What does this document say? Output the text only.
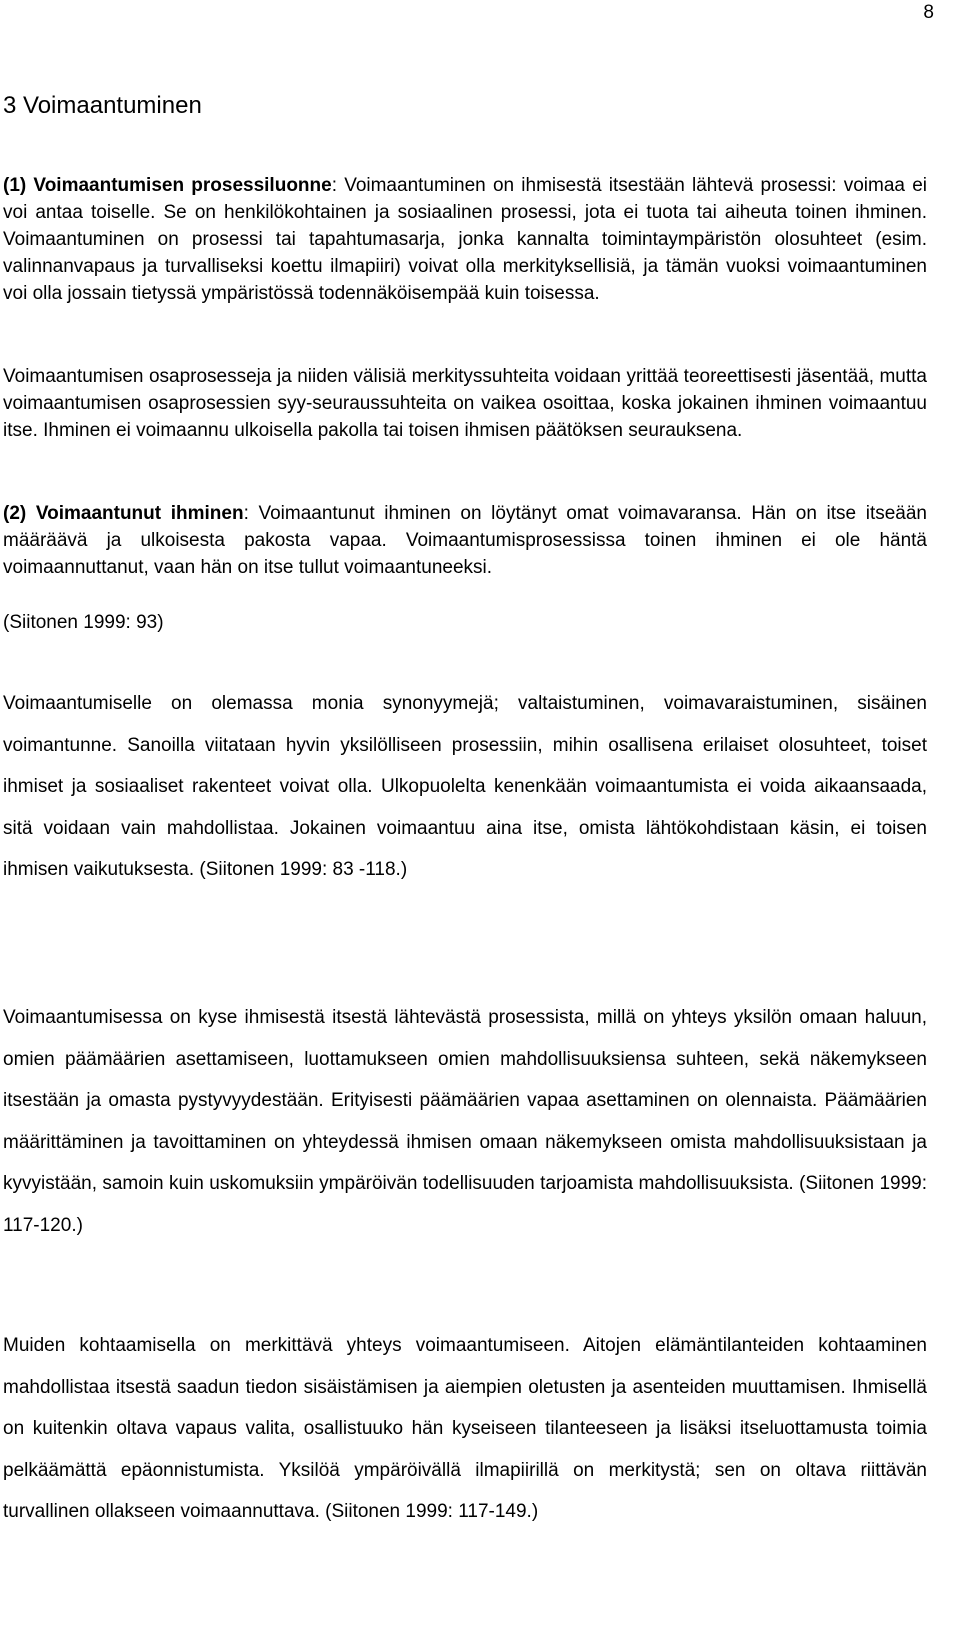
8
3 Voimaantuminen

(1) Voimaantumisen prosessiluonne: Voimaantuminen on ihmisestä itsestään lähtevä prosessi: voimaa ei voi antaa toiselle. Se on henkilökohtainen ja sosiaalinen prosessi, jota ei tuota tai aiheuta toinen ihminen. Voimaantuminen on prosessi tai tapahtumasarja, jonka kannalta toimintaympäristön olosuhteet (esim. valinnanvapaus ja turvalliseksi koettu ilmapiiri) voivat olla merkityksellisiä, ja tämän vuoksi voimaantuminen voi olla jossain tietyssä ympäristössä todennäköisempää kuin toisessa.

Voimaantumisen osaprosesseja ja niiden välisiä merkityssuhteita voidaan yrittää teoreettisesti jäsentää, mutta voimaantumisen osaprosessien syy-seuraussuhteita on vaikea osoittaa, koska jokainen ihminen voimaantuu itse. Ihminen ei voimaannu ulkoisella pakolla tai toisen ihmisen päätöksen seurauksena.

(2) Voimaantunut ihminen: Voimaantunut ihminen on löytänyt omat voimavaransa. Hän on itse itseään määräävä ja ulkoisesta pakosta vapaa. Voimaantumisprosessissa toinen ihminen ei ole häntä voimaannuttanut, vaan hän on itse tullut voimaantuneeksi.

(Siitonen 1999: 93)

Voimaantumiselle on olemassa monia synonyymejä; valtaistuminen, voimavaraistuminen, sisäinen voimantunne. Sanoilla viitataan hyvin yksilölliseen prosessiin, mihin osallisena erilaiset olosuhteet, toiset ihmiset ja sosiaaliset rakenteet voivat olla. Ulkopuolelta kenenkään voimaantumista ei voida aikaansaada, sitä voidaan vain mahdollistaa. Jokainen voimaantuu aina itse, omista lähtökohdistaan käsin, ei toisen ihmisen vaikutuksesta. (Siitonen 1999: 83 -118.)

Voimaantumisessa on kyse ihmisestä itsestä lähtevästä prosessista, millä on yhteys yksilön omaan haluun, omien päämäärien asettamiseen, luottamukseen omien mahdollisuuksiensa suhteen, sekä näkemykseen itsestään ja omasta pystyvyydestään. Erityisesti päämäärien vapaa asettaminen on olennaista. Päämäärien määrittäminen ja tavoittaminen on yhteydessä ihmisen omaan näkemykseen omista mahdollisuuksistaan ja kyvyistään, samoin kuin uskomuksiin ympäröivän todellisuuden tarjoamista mahdollisuuksista. (Siitonen 1999: 117-120.)

Muiden kohtaamisella on merkittävä yhteys voimaantumiseen. Aitojen elämäntilanteiden kohtaaminen mahdollistaa itsestä saadun tiedon sisäistämisen ja aiempien oletusten ja asenteiden muuttamisen. Ihmisellä on kuitenkin oltava vapaus valita, osallistuuko hän kyseiseen tilanteeseen ja lisäksi itseluottamusta toimia pelkäämättä epäonnistumista. Yksilöä ympäröivällä ilmapiirillä on merkitystä; sen on oltava riittävän turvallinen ollakseen voimaannuttava. (Siitonen 1999: 117-149.)
